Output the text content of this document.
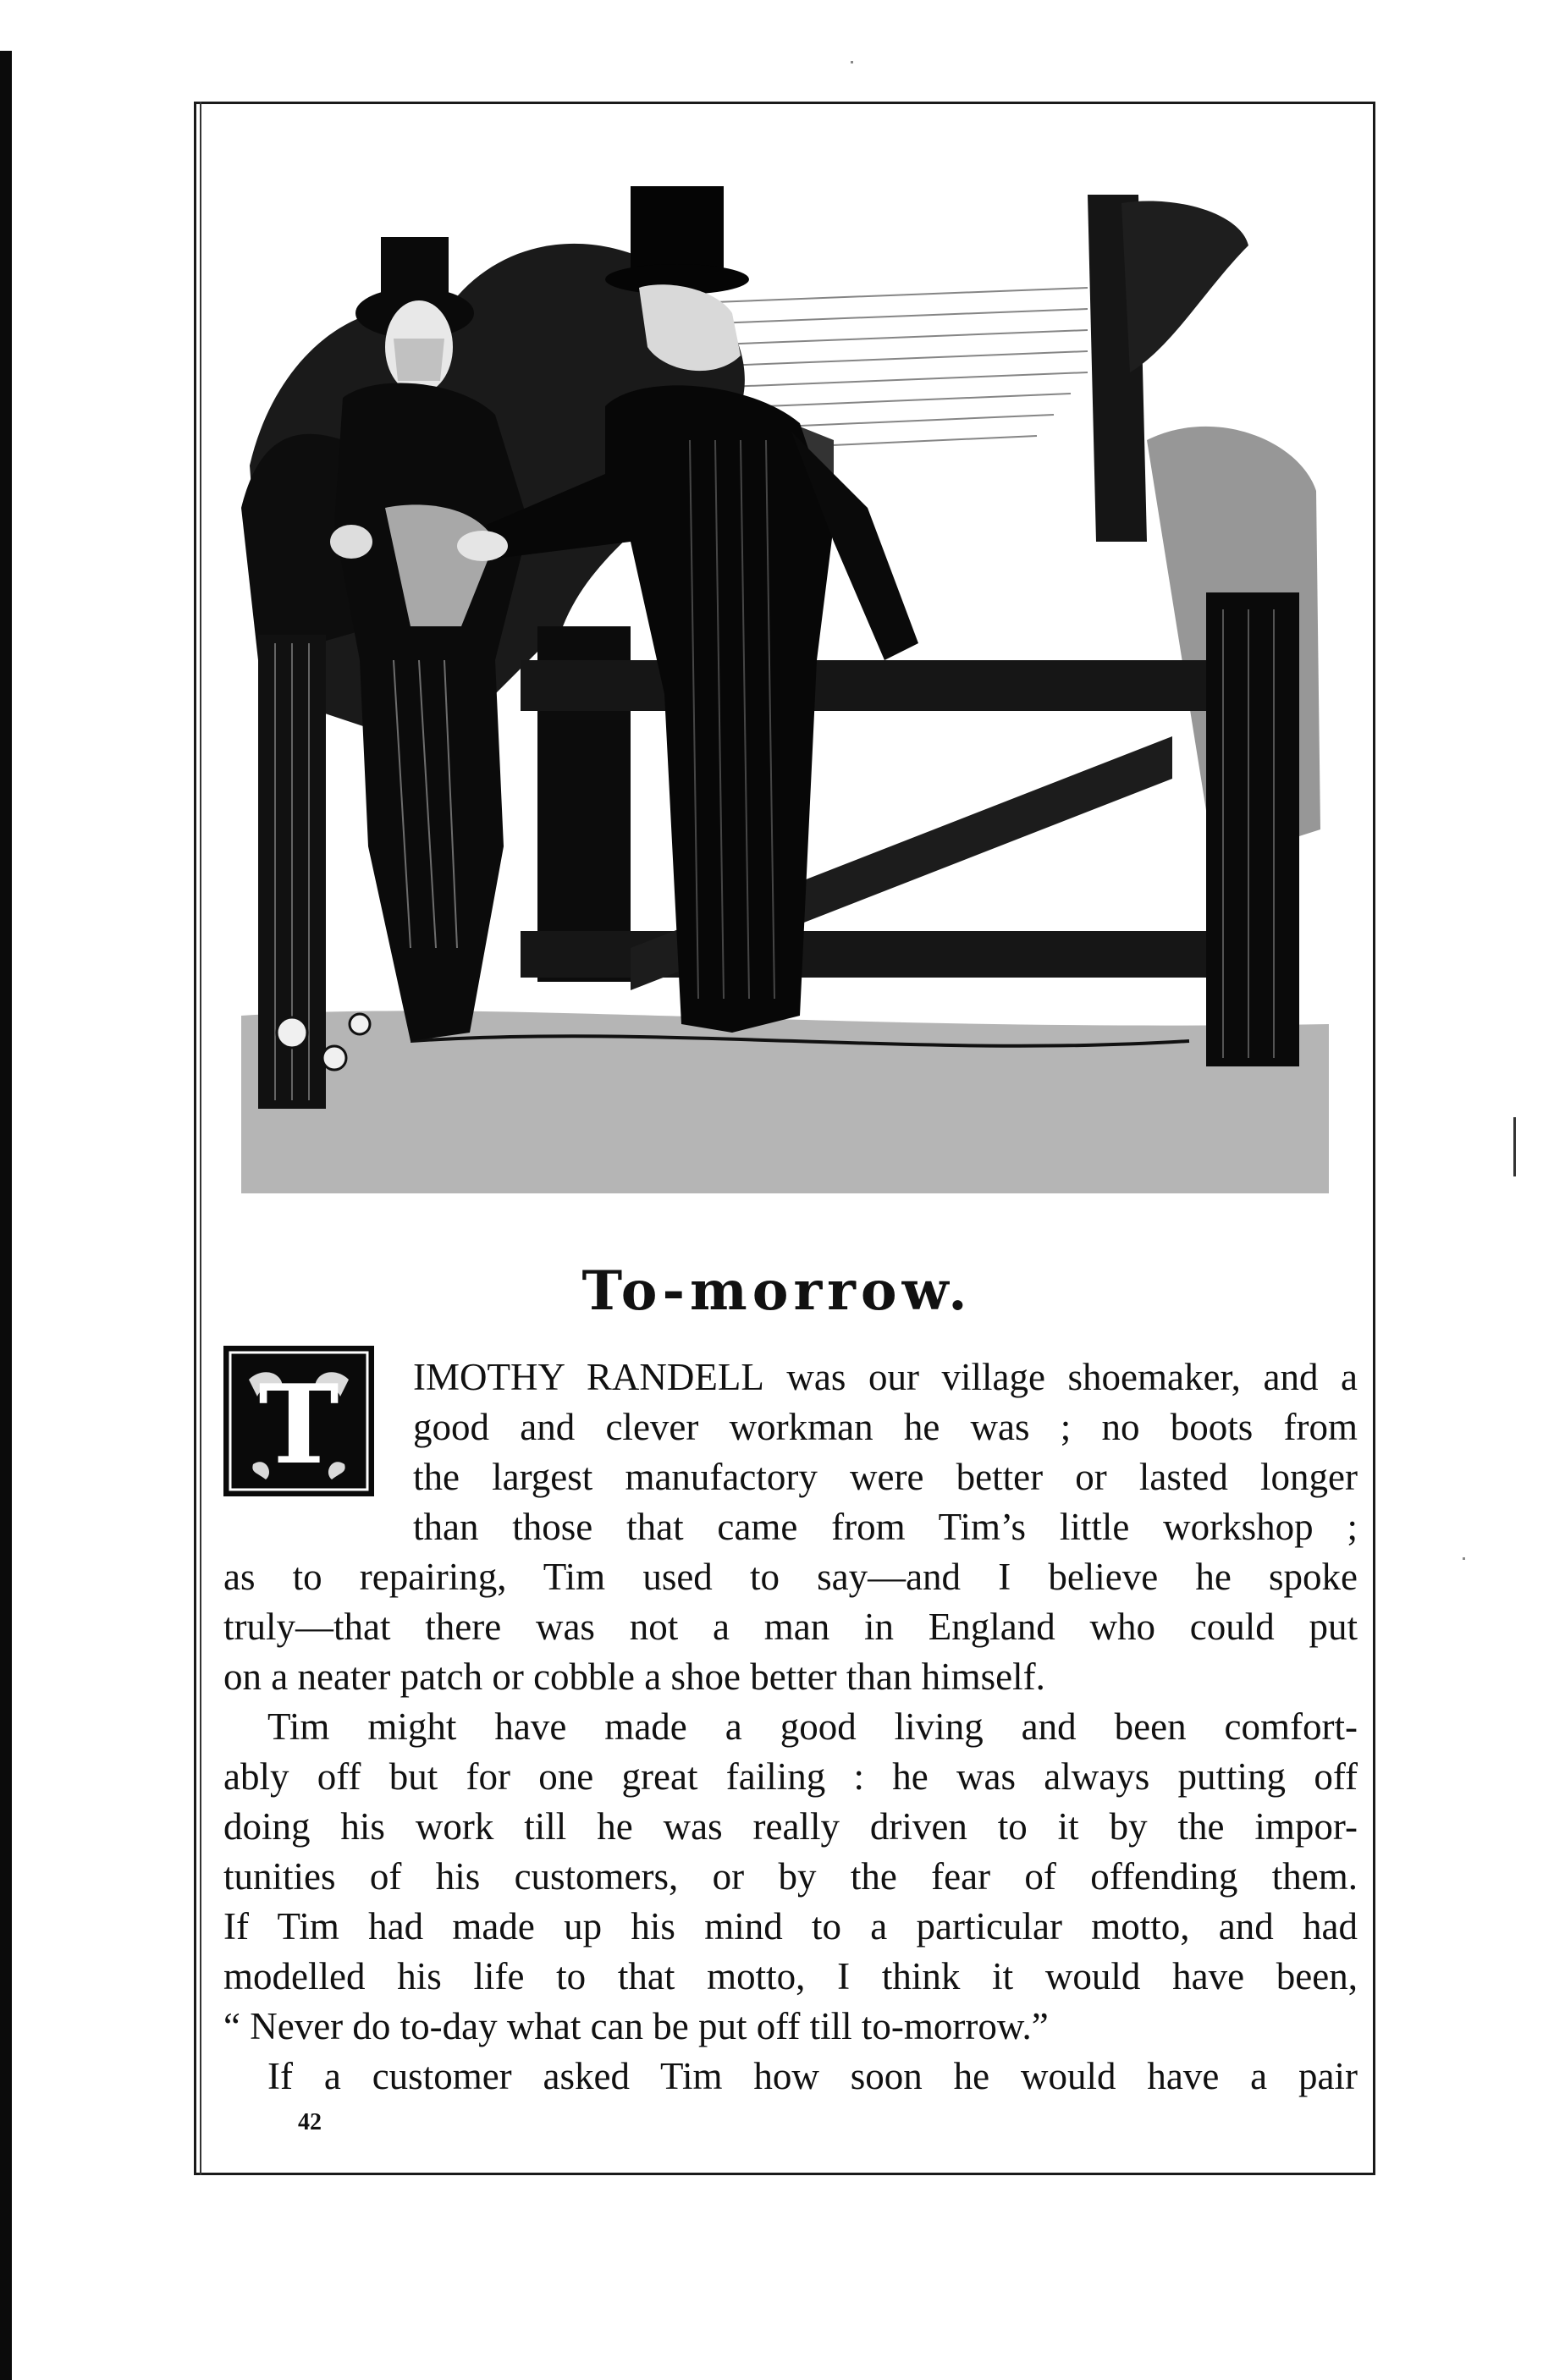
To-morrow.
T IMOTHY RANDELL was our village shoemaker, and a
good and clever workman he was ; no boots from
the largest manufactory were better or lasted longer
than those that came from Tim’s little workshop ;
as to repairing, Tim used to say—and I believe he spoke
truly—that there was not a man in England who could put
on a neater patch or cobble a shoe better than himself.
Tim might have made a good living and been comfort-
ably off but for one great failing : he was always putting off
doing his work till he was really driven to it by the impor-
tunities of his customers, or by the fear of offending them.
If Tim had made up his mind to a particular motto, and had
modelled his life to that motto, I think it would have been,
“ Never do to-day what can be put off till to-morrow.”
If a customer asked Tim how soon he would have a pair
42
